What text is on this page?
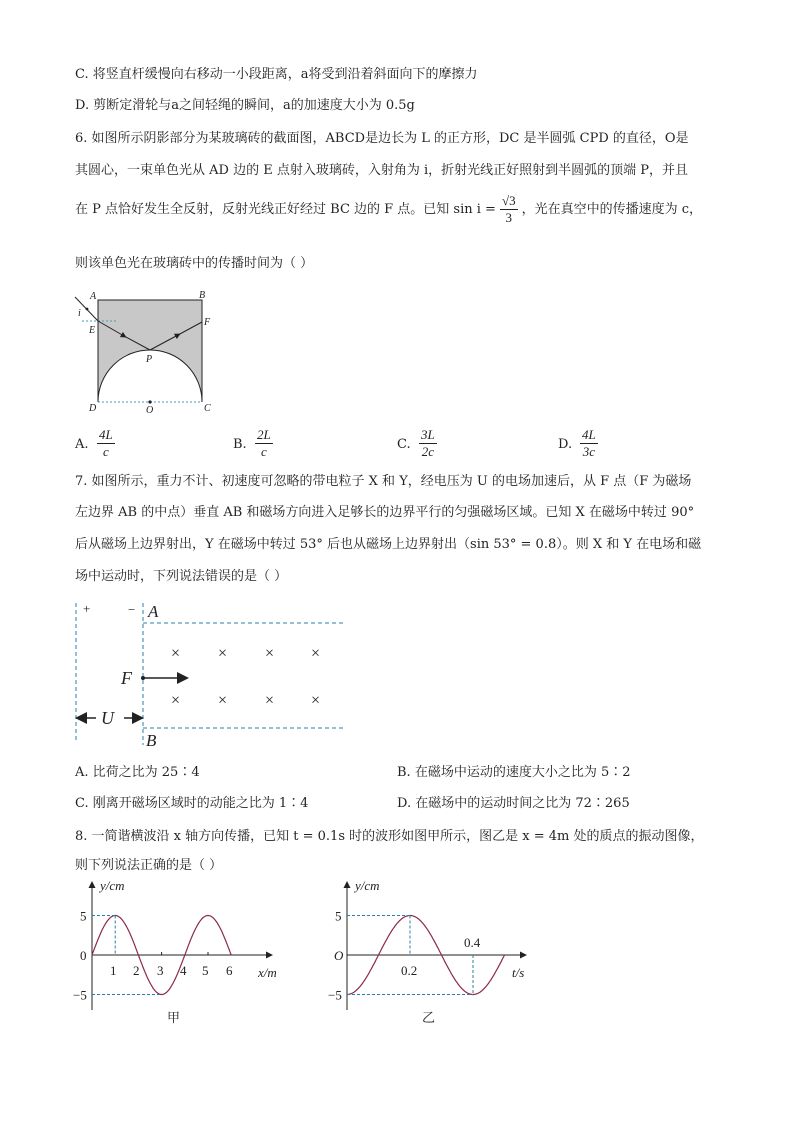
C. 将竖直杆缓慢向右移动一小段距离，a将受到沿着斜面向下的摩擦力
D. 剪断定滑轮与a之间轻绳的瞬间，a的加速度大小为 0.5g
6. 如图所示阴影部分为某玻璃砖的截面图，ABCD是边长为 L 的正方形，DC 是半圆弧 CPD 的直径，O是
其圆心，一束单色光从 AD 边的 E 点射入玻璃砖，入射角为 i，折射光线正好照射到半圆弧的顶端 P，并且
在 P 点恰好发生全反射，反射光线正好经过 BC 边的 F 点。已知 $\sin i = \frac{√3}{3}$ ，光在真空中的传播速度为 c，
则该单色光在玻璃砖中的传播时间为（ ）
A	B
C
D
E
F
P
O
i
A. $\frac{4L}{c}$	B. $\frac{2L}{c}$	C. $\frac{3L}{2c}$	D. $\frac{4L}{3c}$
7. 如图所示，重力不计、初速度可忽略的带电粒子 X 和 Y，经电压为 U 的电场加速后，从 F 点（F 为磁场
左边界 AB 的中点）垂直 AB 和磁场方向进入足够长的边界平行的匀强磁场区域。已知 X 在磁场中转过 90°
后从磁场上边界射出，Y 在磁场中转过 53° 后也从磁场上边界射出（sin 53° = 0.8）。则 X 和 Y 在电场和磁
场中运动时，下列说法错误的是（ ）
+	− A
B
F
U
× × × ×
× × × ×
A. 比荷之比为 25∶4	B. 在磁场中运动的速度大小之比为 5∶2
C. 刚离开磁场区域时的动能之比为 1∶4	D. 在磁场中的运动时间之比为 72∶265
8. 一简谐横波沿 x 轴方向传播，已知 t = 0.1s 时的波形如图甲所示，图乙是 x = 4m 处的质点的振动图像，
则下列说法正确的是（ ）
y/cm
x/m
甲
1 2 3 4 5 6
5
0
−5
y/cm
t/s
乙
0.2
0.4
5
−5
O
